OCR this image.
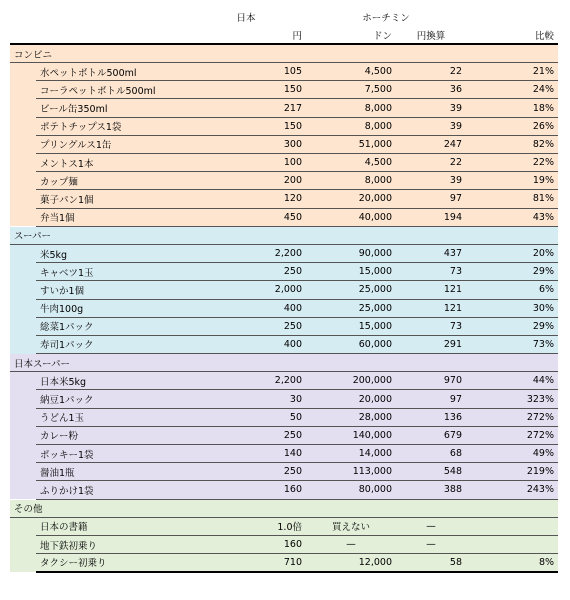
		日本	ホーチミン		
		円	ドン	円換算	比較
コンビニ					
	水ペットボトル500ml	105	4,500	22	21%
	コーラペットボトル500ml	150	7,500	36	24%
	ビール缶350ml	217	8,000	39	18%
	ポテトチップス1袋	150	8,000	39	26%
	プリングルス1缶	300	51,000	247	82%
	メントス1本	100	4,500	22	22%
	カップ麺	200	8,000	39	19%
	菓子パン1個	120	20,000	97	81%
	弁当1個	450	40,000	194	43%
スーパー					
	米5kg	2,200	90,000	437	20%
	キャベツ1玉	250	15,000	73	29%
	すいか1個	2,000	25,000	121	6%
	牛肉100g	400	25,000	121	30%
	総菜1パック	250	15,000	73	29%
	寿司1パック	400	60,000	291	73%
日本スーパー					
	日本米5kg	2,200	200,000	970	44%
	納豆1パック	30	20,000	97	323%
	うどん1玉	50	28,000	136	272%
	カレー粉	250	140,000	679	272%
	ポッキー1袋	140	14,000	68	49%
	醤油1瓶	250	113,000	548	219%
	ふりかけ1袋	160	80,000	388	243%
その他					
	日本の書籍	1.0倍	買えない	—	
	地下鉄初乗り	160	—	—	
	タクシー初乗り	710	12,000	58	8%
